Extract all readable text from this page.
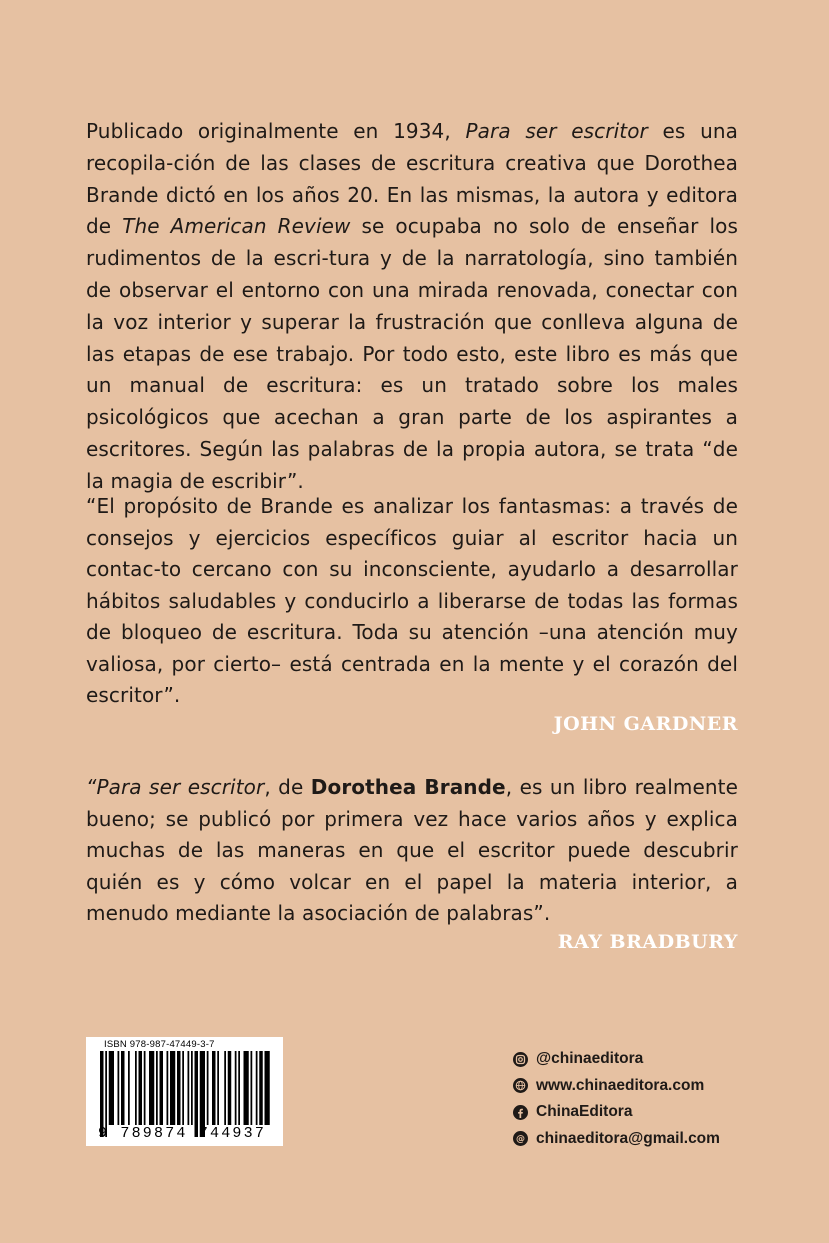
Publicado originalmente en 1934, Para ser escritor es una recopila-ción de las clases de escritura creativa que Dorothea Brande dictó en los años 20. En las mismas, la autora y editora de The American Review se ocupaba no solo de enseñar los rudimentos de la escri-tura y de la narratología, sino también de observar el entorno con una mirada renovada, conectar con la voz interior y superar la frustración que conlleva alguna de las etapas de ese trabajo. Por todo esto, este libro es más que un manual de escritura: es un tratado sobre los males psicológicos que acechan a gran parte de los aspirantes a escritores. Según las palabras de la propia autora, se trata “de la magia de escribir”.

“El propósito de Brande es analizar los fantasmas: a través de consejos y ejercicios específicos guiar al escritor hacia un contac-to cercano con su inconsciente, ayudarlo a desarrollar hábitos saludables y conducirlo a liberarse de todas las formas de bloqueo de escritura. Toda su atención –una atención muy valiosa, por cierto– está centrada en la mente y el corazón del escritor”.

JOHN GARDNER

“Para ser escritor, de Dorothea Brande, es un libro realmente bueno; se publicó por primera vez hace varios años y explica muchas de las maneras en que el escritor puede descubrir quién es y cómo volcar en el papel la materia interior, a menudo mediante la asociación de palabras”.

RAY BRADBURY
ISBN 978-987-47449-3-7
9 789874 744937
@chinaeditora
www.chinaeditora.com
ChinaEditora
@ chinaeditora@gmail.com
